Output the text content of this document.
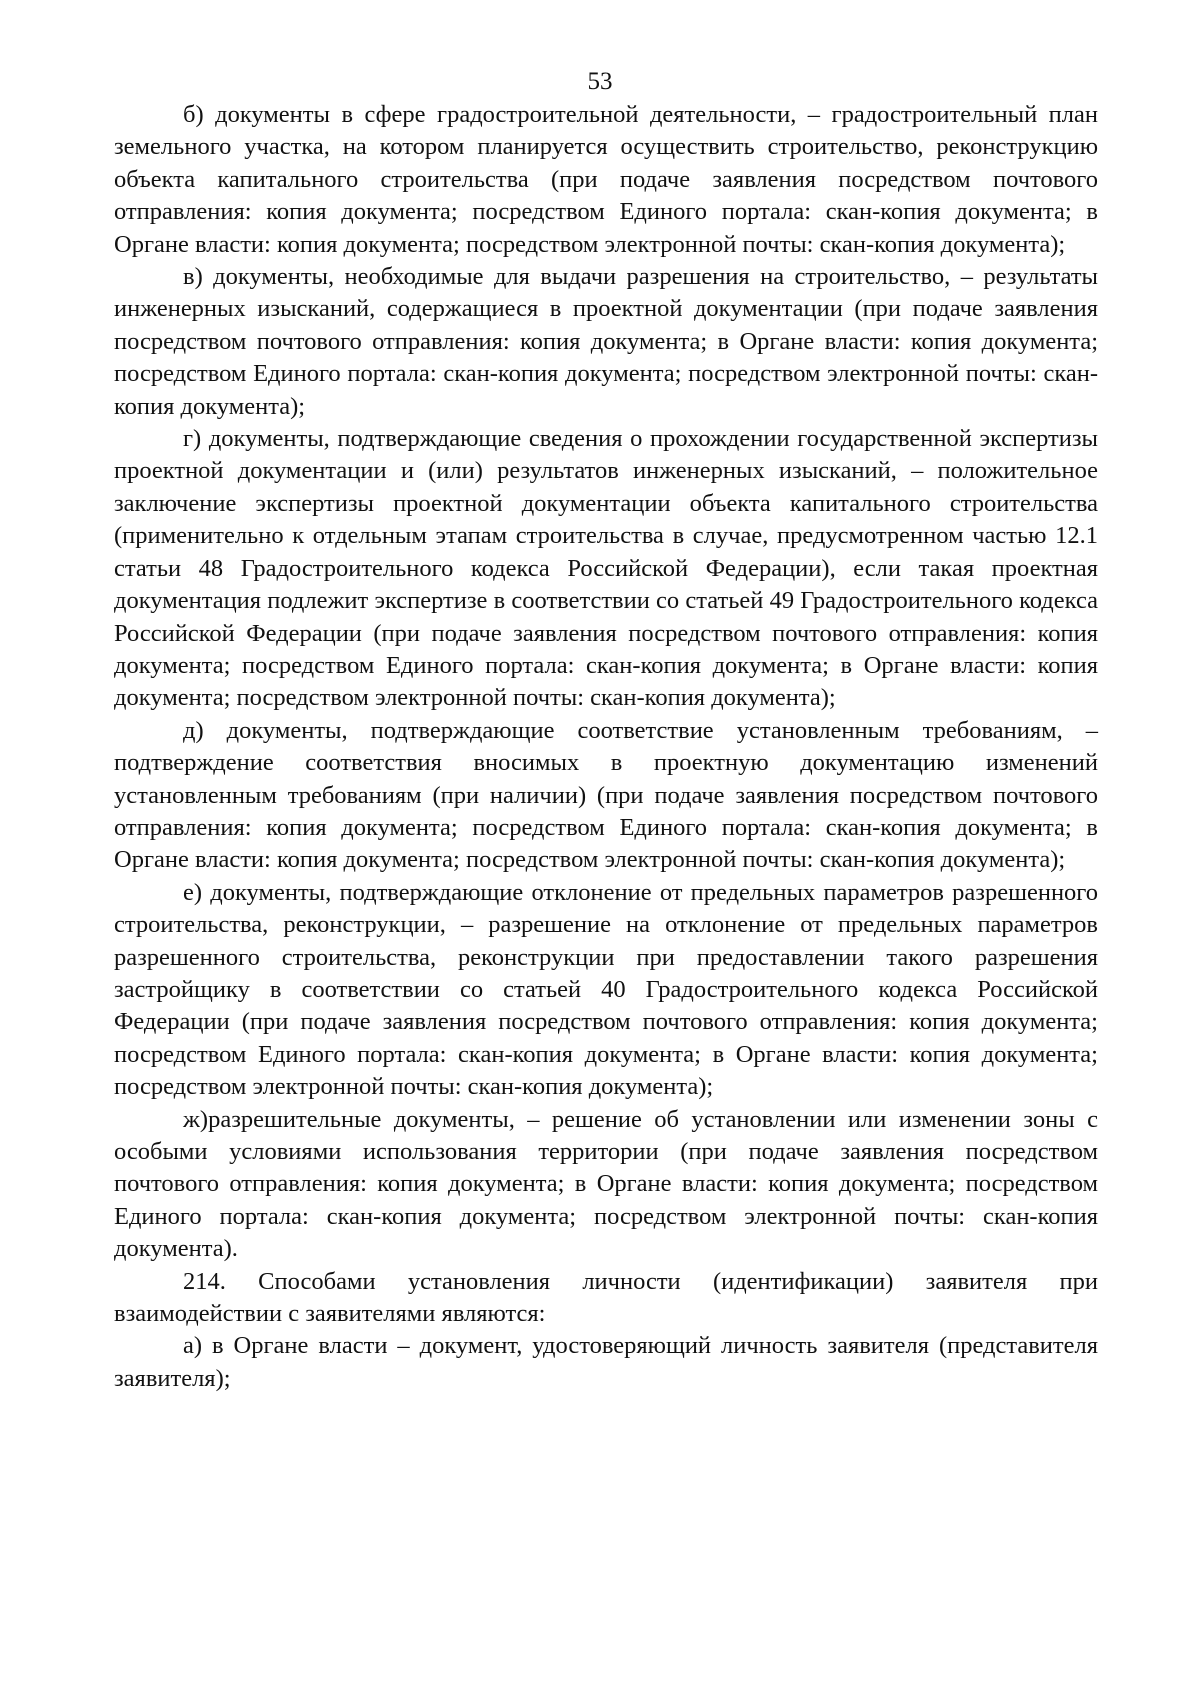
53

б) документы в сфере градостроительной деятельности, – градостроительный план земельного участка, на котором планируется осуществить строительство, реконструкцию объекта капитального строительства (при подаче заявления посредством почтового отправления: копия документа; посредством Единого портала: скан-копия документа; в Органе власти: копия документа; посредством электронной почты: скан-копия документа);

в) документы, необходимые для выдачи разрешения на строительство, – результаты инженерных изысканий, содержащиеся в проектной документации (при подаче заявления посредством почтового отправления: копия документа; в Органе власти: копия документа; посредством Единого портала: скан-копия документа; посредством электронной почты: скан-копия документа);

г) документы, подтверждающие сведения о прохождении государственной экспертизы проектной документации и (или) результатов инженерных изысканий, – положительное заключение экспертизы проектной документации объекта капитального строительства (применительно к отдельным этапам строительства в случае, предусмотренном частью 12.1 статьи 48 Градостроительного кодекса Российской Федерации), если такая проектная документация подлежит экспертизе в соответствии со статьей 49 Градостроительного кодекса Российской Федерации (при подаче заявления посредством почтового отправления: копия документа; посредством Единого портала: скан-копия документа; в Органе власти: копия документа; посредством электронной почты: скан-копия документа);

д) документы, подтверждающие соответствие установленным требованиям, – подтверждение соответствия вносимых в проектную документацию изменений установленным требованиям (при наличии) (при подаче заявления посредством почтового отправления: копия документа; посредством Единого портала: скан-копия документа; в Органе власти: копия документа; посредством электронной почты: скан-копия документа);

е) документы, подтверждающие отклонение от предельных параметров разрешенного строительства, реконструкции, – разрешение на отклонение от предельных параметров разрешенного строительства, реконструкции при предоставлении такого разрешения застройщику в соответствии со статьей 40 Градостроительного кодекса Российской Федерации (при подаче заявления посредством почтового отправления: копия документа; посредством Единого портала: скан-копия документа; в Органе власти: копия документа; посредством электронной почты: скан-копия документа);

ж)разрешительные документы, – решение об установлении или изменении зоны с особыми условиями использования территории (при подаче заявления посредством почтового отправления: копия документа; в Органе власти: копия документа; посредством Единого портала: скан-копия документа; посредством электронной почты: скан-копия документа).

214. Способами установления личности (идентификации) заявителя при взаимодействии с заявителями являются:

а) в Органе власти – документ, удостоверяющий личность заявителя (представителя заявителя);
